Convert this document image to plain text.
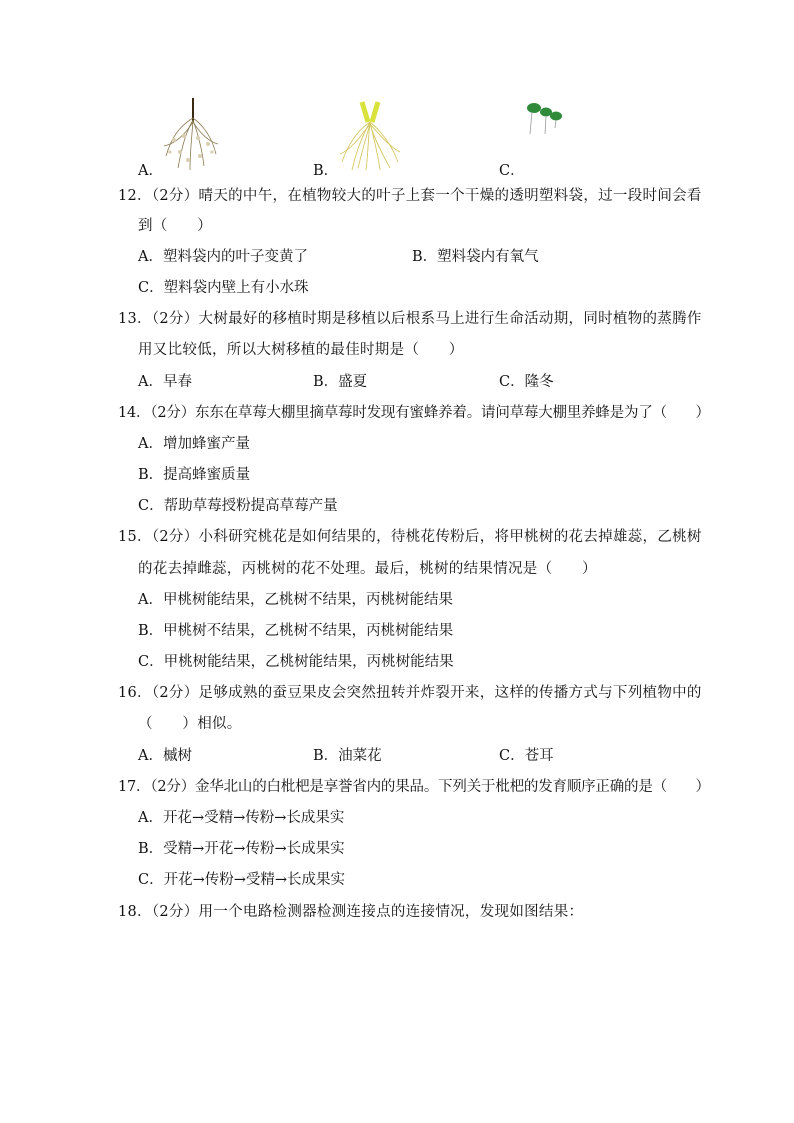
A．	B．	C．
12．（2分）晴天的中午，在植物较大的叶子上套一个干燥的透明塑料袋，过一段时间会看
到（　　）
A．塑料袋内的叶子变黄了	B．塑料袋内有氧气
C．塑料袋内壁上有小水珠
13．（2分）大树最好的移植时期是移植以后根系马上进行生命活动期，同时植物的蒸腾作
用又比较低，所以大树移植的最佳时期是（　　）
A．早春	B．盛夏	C．隆冬
14．（2分）东东在草莓大棚里摘草莓时发现有蜜蜂养着。请问草莓大棚里养蜂是为了（　　）
A．增加蜂蜜产量
B．提高蜂蜜质量
C．帮助草莓授粉提高草莓产量
15．（2分）小科研究桃花是如何结果的，待桃花传粉后，将甲桃树的花去掉雄蕊，乙桃树
的花去掉雌蕊，丙桃树的花不处理。最后，桃树的结果情况是（　　）
A．甲桃树能结果，乙桃树不结果，丙桃树能结果
B．甲桃树不结果，乙桃树不结果，丙桃树能结果
C．甲桃树能结果，乙桃树能结果，丙桃树能结果
16．（2分）足够成熟的蚕豆果皮会突然扭转并炸裂开来，这样的传播方式与下列植物中的
（　　）相似。
A．槭树	B．油菜花	C．苍耳
17．（2分）金华北山的白枇杷是享誉省内的果品。下列关于枇杷的发育顺序正确的是（　　）
A．开花→受精→传粉→长成果实
B．受精→开花→传粉→长成果实
C．开花→传粉→受精→长成果实
18．（2分）用一个电路检测器检测连接点的连接情况，发现如图结果：
